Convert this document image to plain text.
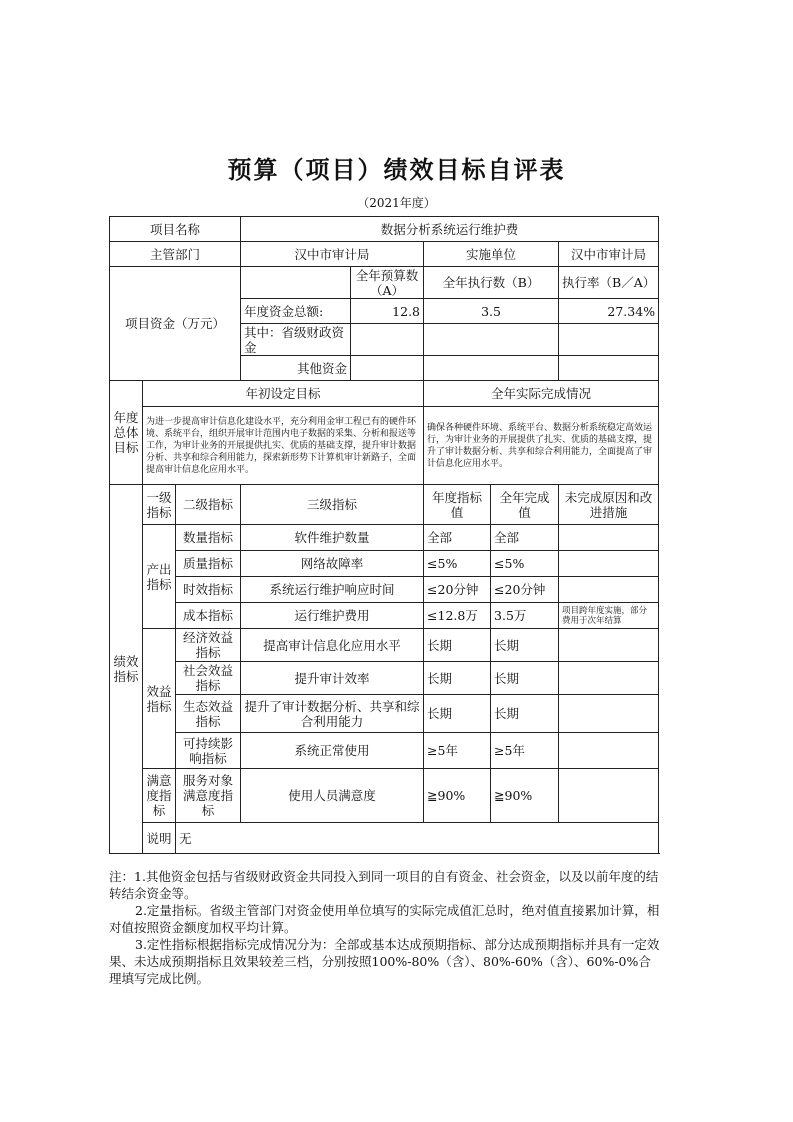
预算（项目）绩效目标自评表
（2021年度）
项目名称			数据分析系统运行维护费				
主管部门			汉中市审计局		实施单位		汉中市审计局
项目资金（万元）				全年预算数（A）	全年执行数（B）		执行率（B／A）
			年度资金总额:	12.8	3.5		27.34%
			其中：省级财政资金				
			其他资金				
年度总体目标	年初设定目标				全年实际完成情况		
	为进一步提高审计信息化建设水平，充分利用金审工程已有的硬件环境、系统平台，组织开展审计范围内电子数据的采集、分析和报送等工作，为审计业务的开展提供扎实、优质的基础支撑，提升审计数据分析、共享和综合利用能力，探索新形势下计算机审计新路子，全面提高审计信息化应用水平。				确保各种硬件环境、系统平台、数据分析系统稳定高效运行，为审计业务的开展提供了扎实、优质的基础支撑，提升了审计数据分析、共享和综合利用能力，全面提高了审计信息化应用水平。		
绩效指标	一级指标	二级指标	三级指标		年度指标值	全年完成值	未完成原因和改进措施
	产出指标	数量指标	软件维护数量		全部	全部	
		质量指标	网络故障率		≤5%	≤5%	
		时效指标	系统运行维护响应时间		≤20分钟	≤20分钟	
		成本指标	运行维护费用		≤12.8万	3.5万	项目跨年度实施，部分费用于次年结算
	效益指标	经济效益指标	提高审计信息化应用水平		长期	长期	
		社会效益指标	提升审计效率		长期	长期	
		生态效益指标	提升了审计数据分析、共享和综合利用能力		长期	长期	
		可持续影响指标	系统正常使用		≥5年	≥5年	
	满意度指标	服务对象满意度指标	使用人员满意度		≧90%	≧90%	
	说明	无					

注：1.其他资金包括与省级财政资金共同投入到同一项目的自有资金、社会资金，以及以前年度的结转结余资金等。

2.定量指标。省级主管部门对资金使用单位填写的实际完成值汇总时，绝对值直接累加计算，相对值按照资金额度加权平均计算。

3.定性指标根据指标完成情况分为：全部或基本达成预期指标、部分达成预期指标并具有一定效果、未达成预期指标且效果较差三档，分别按照100%-80%（含）、80%-60%（含）、60%-0%合理填写完成比例。
